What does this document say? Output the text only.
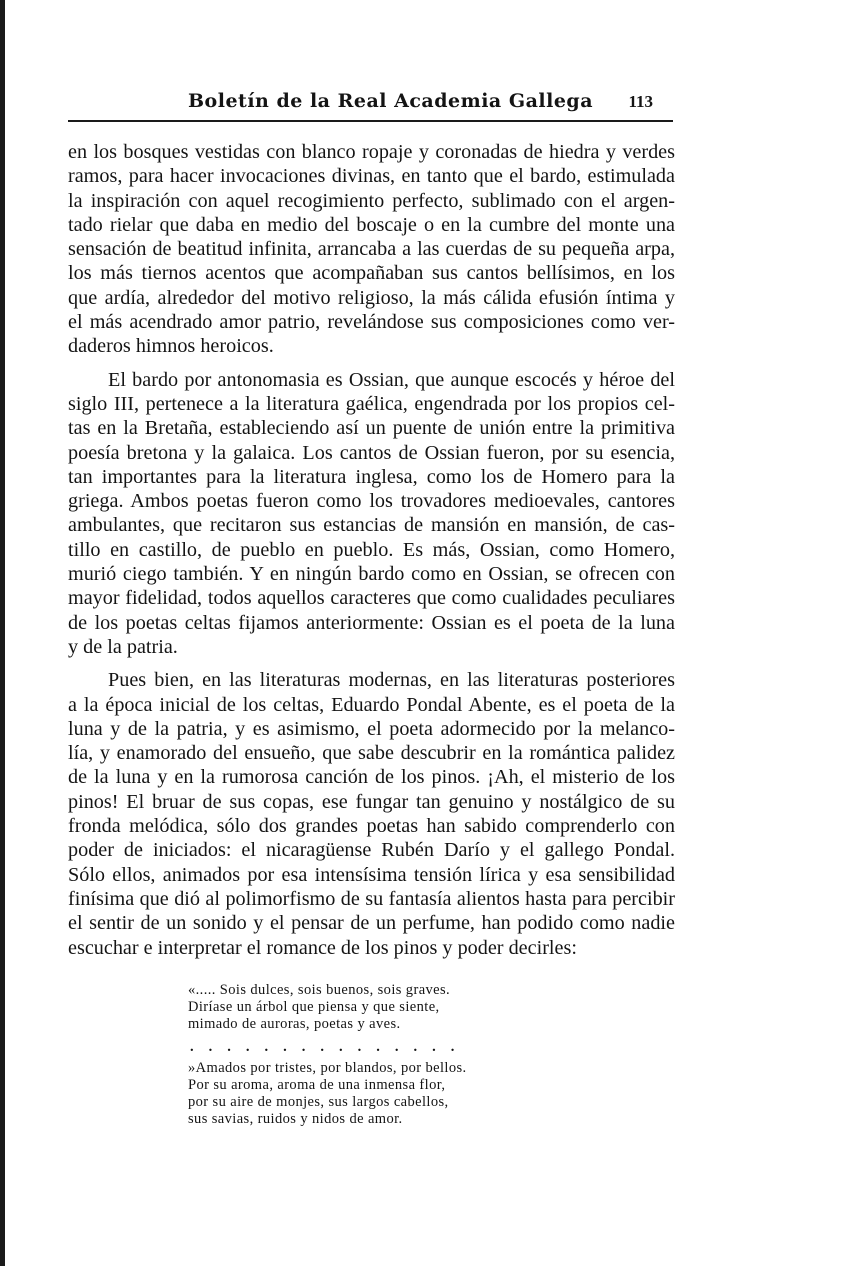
Boletín de la Real Academia Gallega 113
en los bosques vestidas con blanco ropaje y coronadas de hiedra y verdes
ramos, para hacer invocaciones divinas, en tanto que el bardo, estimulada
la inspiración con aquel recogimiento perfecto, sublimado con el argen-
tado rielar que daba en medio del boscaje o en la cumbre del monte una
sensación de beatitud infinita, arrancaba a las cuerdas de su pequeña arpa,
los más tiernos acentos que acompañaban sus cantos bellísimos, en los
que ardía, alrededor del motivo religioso, la más cálida efusión íntima y
el más acendrado amor patrio, revelándose sus composiciones como ver-
daderos himnos heroicos.
El bardo por antonomasia es Ossian, que aunque escocés y héroe del
siglo III, pertenece a la literatura gaélica, engendrada por los propios cel-
tas en la Bretaña, estableciendo así un puente de unión entre la primitiva
poesía bretona y la galaica. Los cantos de Ossian fueron, por su esencia,
tan importantes para la literatura inglesa, como los de Homero para la
griega. Ambos poetas fueron como los trovadores medioevales, cantores
ambulantes, que recitaron sus estancias de mansión en mansión, de cas-
tillo en castillo, de pueblo en pueblo. Es más, Ossian, como Homero,
murió ciego también. Y en ningún bardo como en Ossian, se ofrecen con
mayor fidelidad, todos aquellos caracteres que como cualidades peculiares
de los poetas celtas fijamos anteriormente: Ossian es el poeta de la luna
y de la patria.
Pues bien, en las literaturas modernas, en las literaturas posteriores
a la época inicial de los celtas, Eduardo Pondal Abente, es el poeta de la
luna y de la patria, y es asimismo, el poeta adormecido por la melanco-
lía, y enamorado del ensueño, que sabe descubrir en la romántica palidez
de la luna y en la rumorosa canción de los pinos. ¡Ah, el misterio de los
pinos! El bruar de sus copas, ese fungar tan genuino y nostálgico de su
fronda melódica, sólo dos grandes poetas han sabido comprenderlo con
poder de iniciados: el nicaragüense Rubén Darío y el gallego Pondal.
Sólo ellos, animados por esa intensísima tensión lírica y esa sensibilidad
finísima que dió al polimorfismo de su fantasía alientos hasta para percibir
el sentir de un sonido y el pensar de un perfume, han podido como nadie
escuchar e interpretar el romance de los pinos y poder decirles:
«..... Sois dulces, sois buenos, sois graves.
Diríase un árbol que piensa y que siente,
mimado de auroras, poetas y aves.
...............
»Amados por tristes, por blandos, por bellos.
Por su aroma, aroma de una inmensa flor,
por su aire de monjes, sus largos cabellos,
sus savias, ruidos y nidos de amor.
